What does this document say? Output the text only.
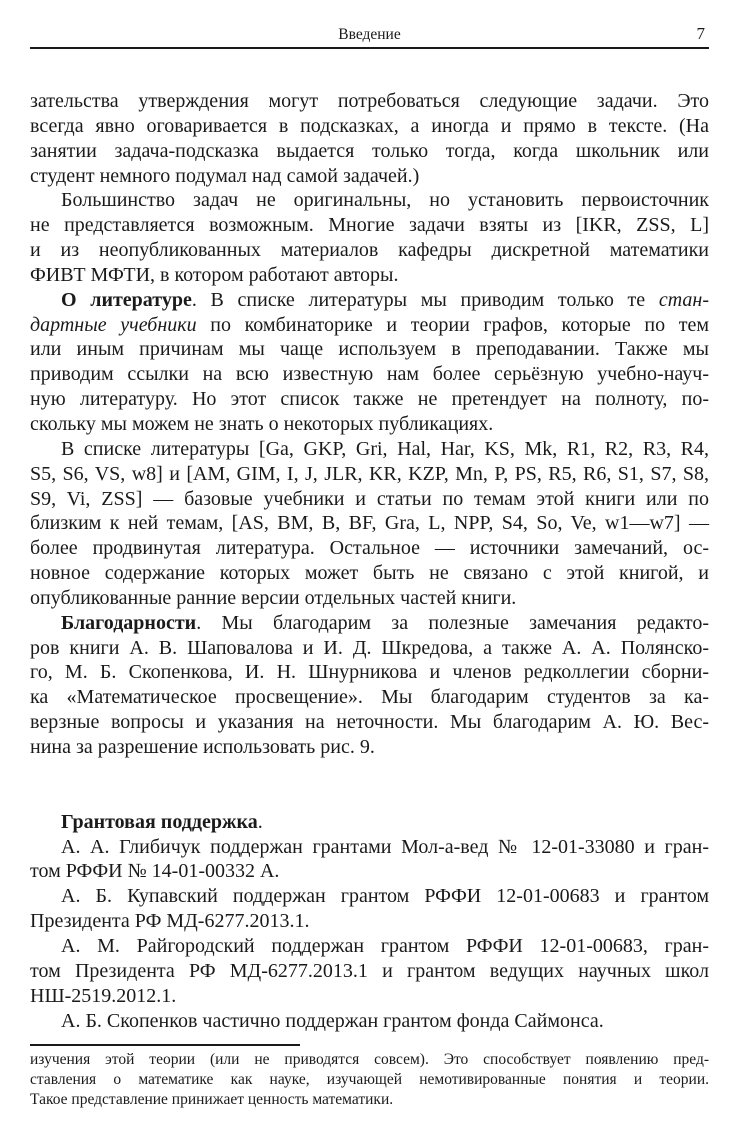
Введение	7
зательства утверждения могут потребоваться следующие задачи. Это
всегда явно оговаривается в подсказках, а иногда и прямо в тексте. (На
занятии задача-подсказка выдается только тогда, когда школьник или
студент немного подумал над самой задачей.)
Большинство задач не оригинальны, но установить первоисточник
не представляется возможным. Многие задачи взяты из [IKR, ZSS, L]
и из неопубликованных материалов кафедры дискретной математики
ФИВТ МФТИ, в котором работают авторы.
О литературе. В списке литературы мы приводим только те стан-
дартные учебники по комбинаторике и теории графов, которые по тем
или иным причинам мы чаще используем в преподавании. Также мы
приводим ссылки на всю известную нам более серьёзную учебно-науч-
ную литературу. Но этот список также не претендует на полноту, по-
скольку мы можем не знать о некоторых публикациях.
В списке литературы [Ga, GKP, Gri, Hal, Har, KS, Mk, R1, R2, R3, R4,
S5, S6, VS, w8] и [AM, GIM, I, J, JLR, KR, KZP, Mn, P, PS, R5, R6, S1, S7, S8,
S9, Vi, ZSS] — базовые учебники и статьи по темам этой книги или по
близким к ней темам, [AS, BM, B, BF, Gra, L, NPP, S4, So, Ve, w1—w7] —
более продвинутая литература. Остальное — источники замечаний, ос-
новное содержание которых может быть не связано с этой книгой, и
опубликованные ранние версии отдельных частей книги.
Благодарности. Мы благодарим за полезные замечания редакто-
ров книги А. В. Шаповалова и И. Д. Шкредова, а также А. А. Полянско-
го, М. Б. Скопенкова, И. Н. Шнурникова и членов редколлегии сборни-
ка «Математическое просвещение». Мы благодарим студентов за ка-
верзные вопросы и указания на неточности. Мы благодарим А. Ю. Вес-
нина за разрешение использовать рис. 9.
Грантовая поддержка.
А. А. Глибичук поддержан грантами Мол-а-вед № 12-01-33080 и гран-
том РФФИ № 14-01-00332 А.
А. Б. Купавский поддержан грантом РФФИ 12-01-00683 и грантом
Президента РФ МД-6277.2013.1.
А. М. Райгородский поддержан грантом РФФИ 12-01-00683, гран-
том Президента РФ МД-6277.2013.1 и грантом ведущих научных школ
НШ-2519.2012.1.
А. Б. Скопенков частично поддержан грантом фонда Саймонса.
изучения этой теории (или не приводятся совсем). Это способствует появлению пред-
ставления о математике как науке, изучающей немотивированные понятия и теории.
Такое представление принижает ценность математики.
